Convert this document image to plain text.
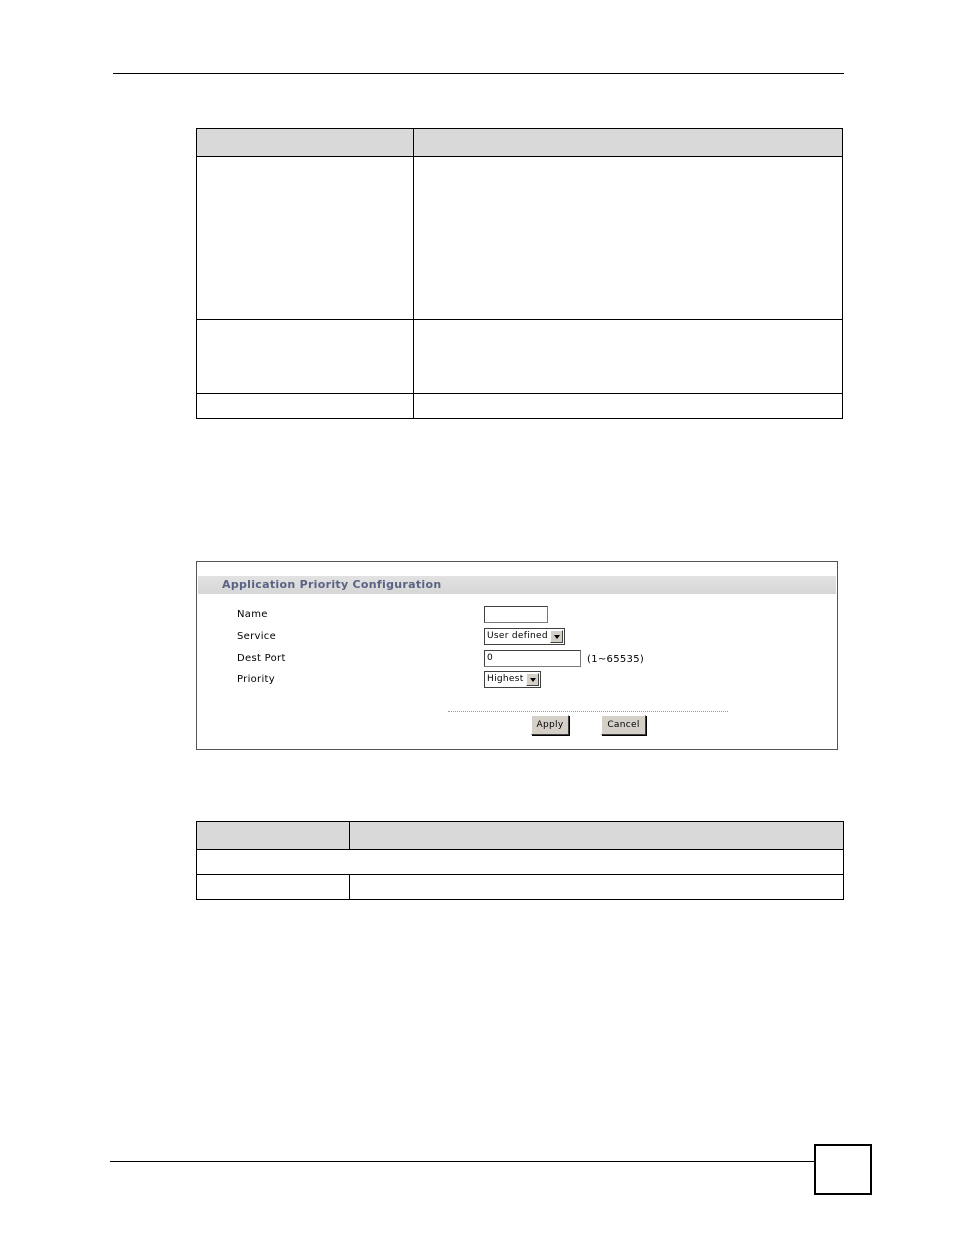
Application Priority Configuration
Name
Service	User defined
Dest Port	0	(1~65535)
Priority	Highest
Apply	Cancel
